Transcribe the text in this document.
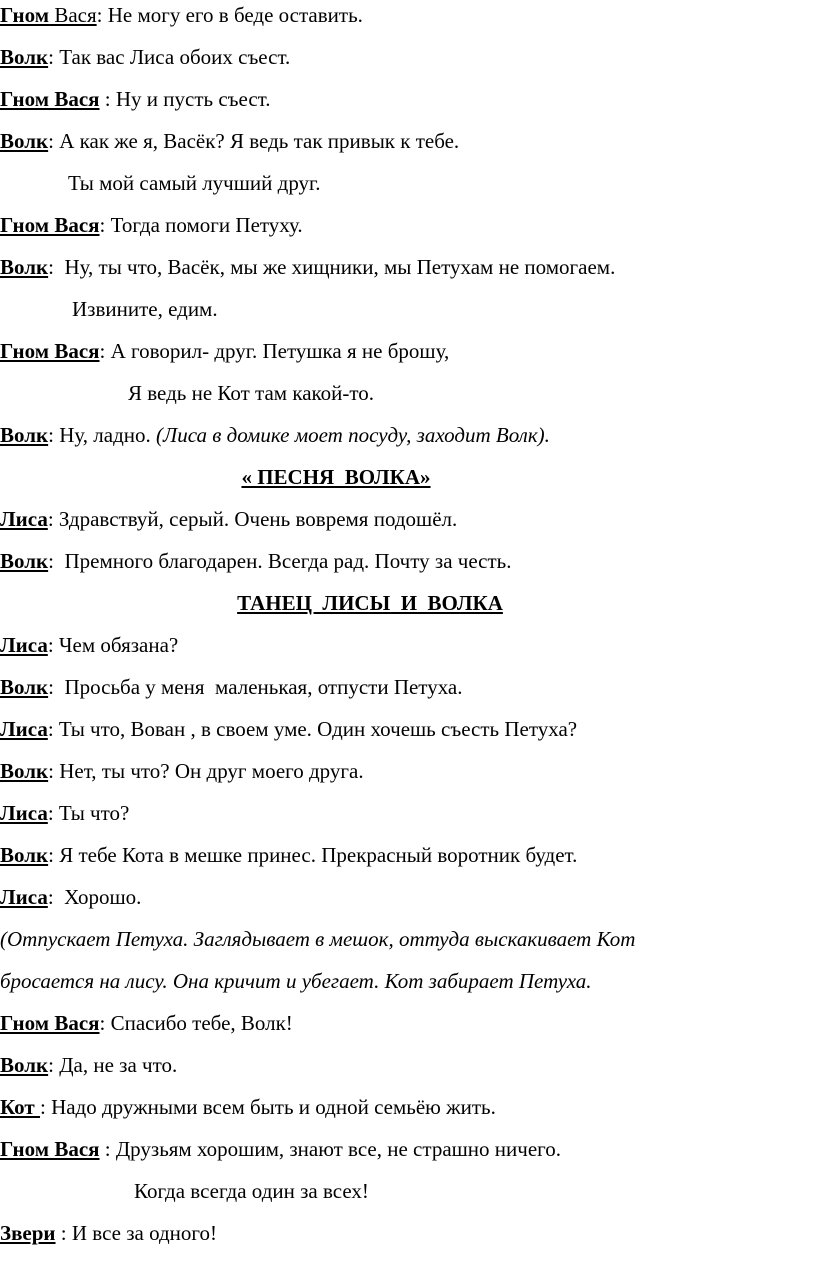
Гном Вася: Не могу его в беде оставить.
Волк: Так вас Лиса обоих съест.
Гном Вася : Ну и пусть съест.
Волк: А как же я, Васёк? Я ведь так привык к тебе.
Ты мой самый лучший друг.
Гном Вася: Тогда помоги Петуху.
Волк:  Ну, ты что, Васёк, мы же хищники, мы Петухам не помогаем.
Извините, едим.
Гном Вася: А говорил- друг. Петушка я не брошу,
Я ведь не Кот там какой-то.
Волк: Ну, ладно. (Лиса в домике моет посуду, заходит Волк).
« ПЕСНЯ  ВОЛКА»
Лиса: Здравствуй, серый. Очень вовремя подошёл.
Волк:  Премного благодарен. Всегда рад. Почту за честь.
ТАНЕЦ  ЛИСЫ  И  ВОЛКА
Лиса: Чем обязана?
Волк:  Просьба у меня  маленькая, отпусти Петуха.
Лиса: Ты что, Вован , в своем уме. Один хочешь съесть Петуха?
Волк: Нет, ты что? Он друг моего друга.
Лиса: Ты что?
Волк: Я тебе Кота в мешке принес. Прекрасный воротник будет.
Лиса:  Хорошо.
(Отпускает Петуха. Заглядывает в мешок, оттуда выскакивает Кот
бросается на лису. Она кричит и убегает. Кот забирает Петуха.
Гном Вася: Спасибо тебе, Волк!
Волк: Да, не за что.
Кот : Надо дружными всем быть и одной семьёю жить.
Гном Вася : Друзьям хорошим, знают все, не страшно ничего.
Когда всегда один за всех!
Звери : И все за одного!
